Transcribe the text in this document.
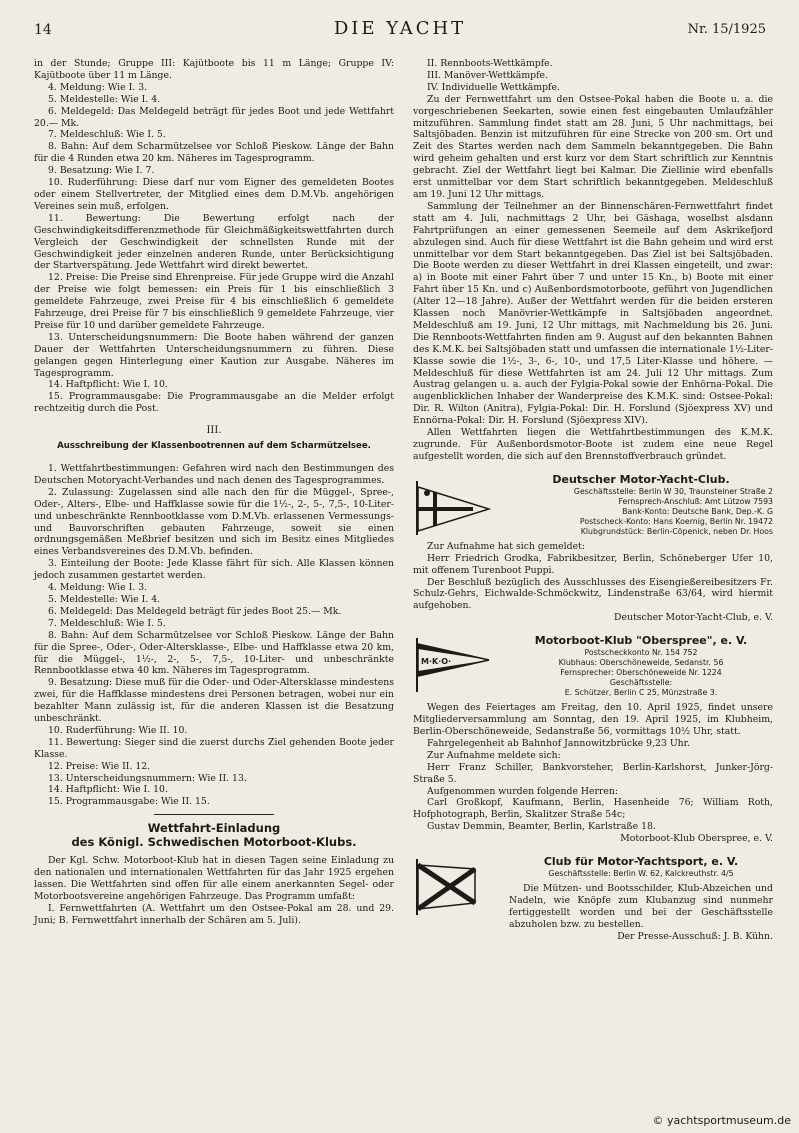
14	DIE YACHT	Nr. 15/1925

in der Stunde; Gruppe III: Kajütboote bis 11 m Länge; Gruppe IV: Kajütboote über 11 m Länge.

4. Meldung: Wie I. 3.

5. Meldestelle: Wie I. 4.

6. Meldegeld: Das Meldegeld beträgt für jedes Boot und jede Wettfahrt 20.— Mk.

7. Meldeschluß: Wie I. 5.

8. Bahn: Auf dem Scharmützelsee vor Schloß Pieskow. Länge der Bahn für die 4 Runden etwa 20 km. Näheres im Tagesprogramm.

9. Besatzung: Wie I. 7.

10. Ruderführung: Diese darf nur vom Eigner des gemeldeten Bootes oder einem Stellvertreter, der Mitglied eines dem D.M.Vb. angehörigen Vereines sein muß, erfolgen.

11. Bewertung: Die Bewertung erfolgt nach der Geschwindigkeitsdifferenzmethode für Gleichmäßigkeitswettfahrten durch Vergleich der Geschwindigkeit der schnellsten Runde mit der Geschwindigkeit jeder einzelnen anderen Runde, unter Berücksichtigung der Startverspätung. Jede Wettfahrt wird direkt bewertet.

12. Preise: Die Preise sind Ehrenpreise. Für jede Gruppe wird die Anzahl der Preise wie folgt bemessen: ein Preis für 1 bis einschließlich 3 gemeldete Fahrzeuge, zwei Preise für 4 bis einschließlich 6 gemeldete Fahrzeuge, drei Preise für 7 bis einschließlich 9 gemeldete Fahrzeuge, vier Preise für 10 und darüber gemeldete Fahrzeuge.

13. Unterscheidungsnummern: Die Boote haben während der ganzen Dauer der Wettfahrten Unterscheidungsnummern zu führen. Diese gelangen gegen Hinterlegung einer Kaution zur Ausgabe. Näheres im Tagesprogramm.

14. Haftpflicht: Wie I. 10.

15. Programmausgabe: Die Programmausgabe an die Melder erfolgt rechtzeitig durch die Post.

III.
Ausschreibung der Klassenbootrennen auf dem Scharmützelsee.

1. Wettfahrtbestimmungen: Gefahren wird nach den Bestimmungen des Deutschen Motoryacht-Verbandes und nach denen des Tagesprogrammes.

2. Zulassung: Zugelassen sind alle nach den für die Müggel-, Spree-, Oder-, Alters-, Elbe- und Haffklasse sowie für die 1½-, 2-, 5-, 7,5-, 10-Liter- und unbeschränkte Rennbootklasse vom D.M.Vb. erlassenen Vermessungs- und Bauvorschriften gebauten Fahrzeuge, soweit sie einen ordnungsgemäßen Meßbrief besitzen und sich im Besitz eines Mitgliedes eines Verbandsvereines des D.M.Vb. befinden.

3. Einteilung der Boote: Jede Klasse fährt für sich. Alle Klassen können jedoch zusammen gestartet werden.

4. Meldung: Wie I. 3.

5. Meldestelle: Wie I. 4.

6. Meldegeld: Das Meldegeld beträgt für jedes Boot 25.— Mk.

7. Meldeschluß: Wie I. 5.

8. Bahn: Auf dem Scharmützelsee vor Schloß Pieskow. Länge der Bahn für die Spree-, Oder-, Oder-Altersklasse-, Elbe- und Haffklasse etwa 20 km, für die Müggel-, 1½-, 2-, 5-, 7,5-, 10-Liter- und unbeschränkte Rennbootklasse etwa 40 km. Näheres im Tagesprogramm.

9. Besatzung: Diese muß für die Oder- und Oder-Altersklasse mindestens zwei, für die Haffklasse mindestens drei Personen betragen, wobei nur ein bezahlter Mann zulässig ist, für die anderen Klassen ist die Besatzung unbeschränkt.

10. Ruderführung: Wie II. 10.

11. Bewertung: Sieger sind die zuerst durchs Ziel gehenden Boote jeder Klasse.

12. Preise: Wie II. 12.

13. Unterscheidungsnummern: Wie II. 13.

14. Haftpflicht: Wie I. 10.

15. Programmausgabe: Wie II. 15.

Wettfahrt-Einladung

des Königl. Schwedischen Motorboot-Klubs.

Der Kgl. Schw. Motorboot-Klub hat in diesen Tagen seine Einladung zu den nationalen und internationalen Wettfahrten für das Jahr 1925 ergehen lassen. Die Wettfahrten sind offen für alle einem anerkannten Segel- oder Motorbootsvereine angehörigen Fahrzeuge. Das Programm umfaßt:

I. Fernwettfahrten (A. Wettfahrt um den Ostsee-Pokal am 28. und 29. Juni; B. Fernwettfahrt innerhalb der Schären am 5. Juli).

II. Rennboots-Wettkämpfe.

III. Manöver-Wettkämpfe.

IV. Individuelle Wettkämpfe.

Zu der Fernwettfahrt um den Ostsee-Pokal haben die Boote u. a. die vorgeschriebenen Seekarten, sowie einen fest eingebauten Umlaufzähler mitzuführen. Sammlung findet statt am 28. Juni, 5 Uhr nachmittags, bei Saltsjöbaden. Benzin ist mitzuführen für eine Strecke von 200 sm. Ort und Zeit des Startes werden nach dem Sammeln bekanntgegeben. Die Bahn wird geheim gehalten und erst kurz vor dem Start schriftlich zur Kenntnis gebracht. Ziel der Wettfahrt liegt bei Kalmar. Die Ziellinie wird ebenfalls erst unmittelbar vor dem Start schriftlich bekanntgegeben. Meldeschluß am 19. Juni 12 Uhr mittags.

Sammlung der Teilnehmer an der Binnenschären-Fernwettfahrt findet statt am 4. Juli, nachmittags 2 Uhr, bei Gäshaga, woselbst alsdann Fahrtprüfungen an einer gemessenen Seemeile auf dem Askrikefjord abzulegen sind. Auch für diese Wettfahrt ist die Bahn geheim und wird erst unmittelbar vor dem Start bekanntgegeben. Das Ziel ist bei Saltsjöbaden. Die Boote werden zu dieser Wettfahrt in drei Klassen eingeteilt, und zwar: a) in Boote mit einer Fahrt über 7 und unter 15 Kn., b) Boote mit einer Fahrt über 15 Kn. und c) Außenbordsmotorboote, geführt von Jugendlichen (Alter 12—18 Jahre). Außer der Wettfahrt werden für die beiden ersteren Klassen noch Manövrier-Wettkämpfe in Saltsjöbaden angeordnet. Meldeschluß am 19. Juni, 12 Uhr mittags, mit Nachmeldung bis 26. Juni. Die Rennboots-Wettfahrten finden am 9. August auf den bekannten Bahnen des K.M.K. bei Saltsjöbaden statt und umfassen die internationale 1½-Liter-Klasse sowie die 1½-, 3-, 6-, 10-, und 17,5 Liter-Klasse und höhere. — Meldeschluß für diese Wettfahrten ist am 24. Juli 12 Uhr mittags. Zum Austrag gelangen u. a. auch der Fylgia-Pokal sowie der Enhörna-Pokal. Die augenblicklichen Inhaber der Wanderpreise des K.M.K. sind: Ostsee-Pokal: Dir. R. Wilton (Anitra), Fylgia-Pokal: Dir. H. Forslund (Sjöexpress XV) und Ennörna-Pokal: Dir. H. Forslund (Sjöexpress XIV).

Allen Wettfahrten liegen die Wettfahrtbestimmungen des K.M.K. zugrunde. Für Außenbordsmotor-Boote ist zudem eine neue Regel aufgestellt worden, die sich auf den Brennstoffverbrauch gründet.

Deutscher Motor-Yacht-Club.
Geschäftsstelle: Berlin W 30, Traunsteiner Straße 2
Fernsprech-Anschluß: Amt Lützow 7593
Bank-Konto: Deutsche Bank, Dep.-K. G
Postscheck-Konto: Hans Koernig, Berlin Nr. 19472
Klubgrundstück: Berlin-Cöpenick, neben Dr. Hoos

Zur Aufnahme hat sich gemeldet:

Herr Friedrich Grodka, Fabrikbesitzer, Berlin, Schöneberger Ufer 10, mit offenem Turenboot Puppi.

Der Beschluß bezüglich des Ausschlusses des Eisengießereibesitzers Fr. Schulz-Gehrs, Eichwalde-Schmöckwitz, Lindenstraße 63/64, wird hiermit aufgehoben.

Deutscher Motor-Yacht-Club, e. V.

M·K·O·
Motorboot-Klub "Oberspree", e. V.
Postscheckkonto Nr. 154 752
Klubhaus: Oberschöneweide, Sedanstr. 56
Fernsprecher: Oberschöneweide Nr. 1224
Geschäftsstelle:
E. Schützer, Berlin C 25, Münzstraße 3.

Wegen des Feiertages am Freitag, den 10. April 1925, findet unsere Mitgliederversammlung am Sonntag, den 19. April 1925, im Klubheim, Berlin-Oberschöneweide, Sedanstraße 56, vormittags 10½ Uhr, statt.

Fahrgelegenheit ab Bahnhof Jannowitzbrücke 9,23 Uhr.

Zur Aufnahme meldete sich:

Herr Franz Schiller, Bankvorsteher, Berlin-Karlshorst, Junker-Jörg-Straße 5.

Aufgenommen wurden folgende Herren:

Carl Großkopf, Kaufmann, Berlin, Hasenheide 76; William Roth, Hofphotograph, Berlin, Skalitzer Straße 54c;

Gustav Demmin, Beamter, Berlin, Karlstraße 18.

Motorboot-Klub Oberspree, e. V.

Club für Motor-Yachtsport, e. V.
Geschäftsstelle: Berlin W. 62, Kalckreuthstr. 4/5

Die Mützen- und Bootsschilder, Klub-Abzeichen und Nadeln, wie Knöpfe zum Klubanzug sind nunmehr fertiggestellt worden und bei der Geschäftsstelle abzuholen bzw. zu bestellen.

Der Presse-Ausschuß: J. B. Kühn.

© yachtsportmuseum.de
